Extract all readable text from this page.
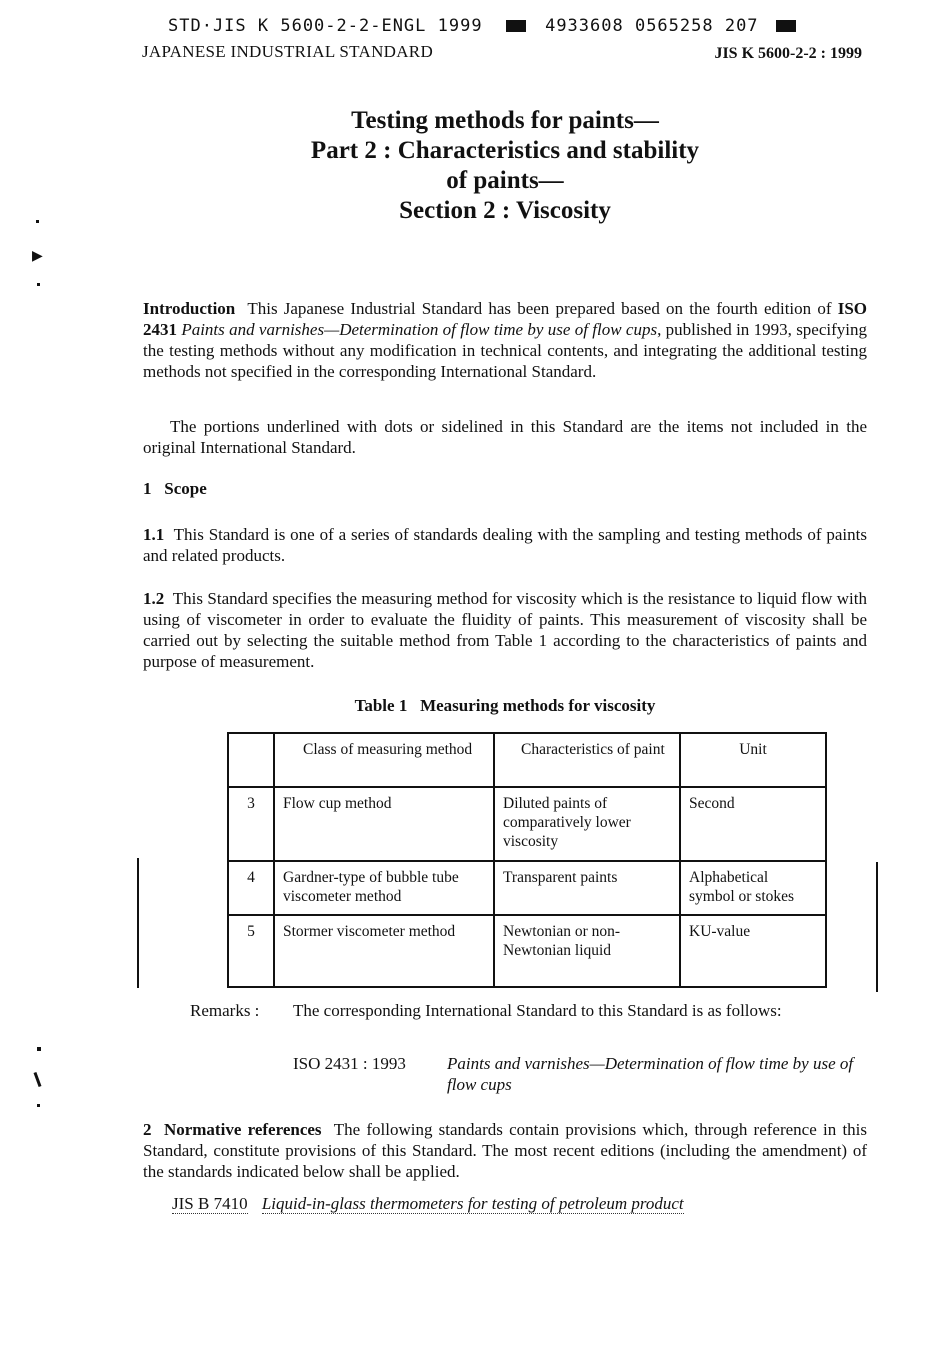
STD·JIS K 5600-2-2-ENGL 1999	4933608 0565258 207
JAPANESE INDUSTRIAL STANDARD	JIS K 5600-2-2 : 1999
Testing methods for paints—
Part 2 : Characteristics and stability
of paints—
Section 2 : Viscosity
Introduction This Japanese Industrial Standard has been prepared based on the fourth edition of ISO 2431 Paints and varnishes—Determination of flow time by use of flow cups, published in 1993, specifying the testing methods without any modification in technical contents, and integrating the additional testing methods not specified in the corresponding International Standard.
The portions underlined with dots or sidelined in this Standard are the items not included in the original International Standard.
1 Scope
1.1 This Standard is one of a series of standards dealing with the sampling and testing methods of paints and related products.
1.2 This Standard specifies the measuring method for viscosity which is the resistance to liquid flow with using of viscometer in order to evaluate the fluidity of paints. This measurement of viscosity shall be carried out by selecting the suitable method from Table 1 according to the characteristics of paints and purpose of measurement.
Table 1 Measuring methods for viscosity
	Class of measuring method	Characteristics of paint	Unit
3	Flow cup method	Diluted paints of comparatively lower viscosity	Second
4	Gardner-type of bubble tube viscometer method	Transparent paints	Alphabetical symbol or stokes
5	Stormer viscometer method	Newtonian or non-Newtonian liquid	KU-value
Remarks : The corresponding International Standard to this Standard is as follows:
ISO 2431 : 1993 Paints and varnishes—Determination of flow time by use of flow cups
2 Normative references The following standards contain provisions which, through reference in this Standard, constitute provisions of this Standard. The most recent editions (including the amendment) of the standards indicated below shall be applied.
JIS B 7410 Liquid-in-glass thermometers for testing of petroleum product
▶
